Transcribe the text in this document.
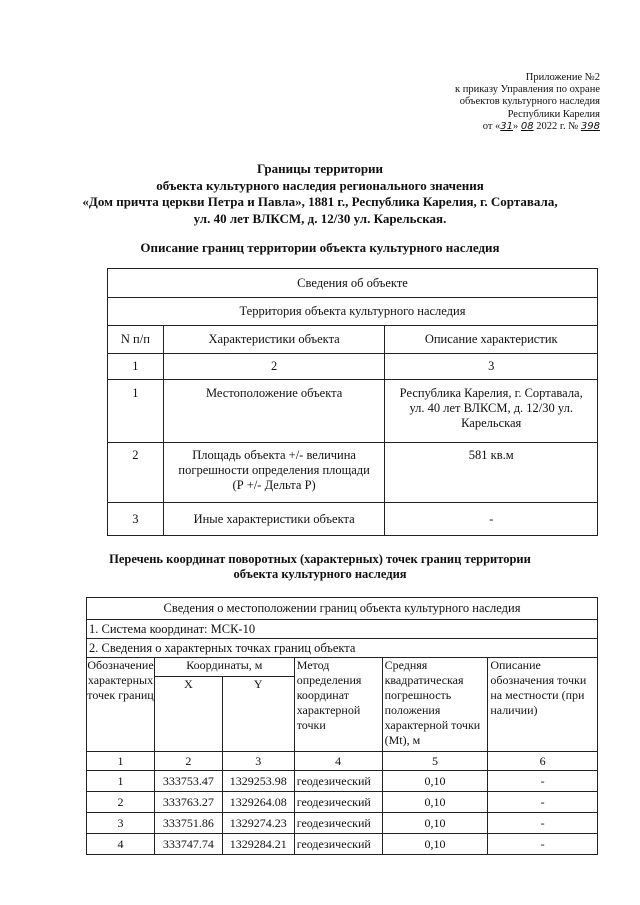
Приложение №2
к приказу Управления по охране
объектов культурного наследия
Республики Карелия
от «31» 08 2022 г. № 398
Границы территории
объекта культурного наследия регионального значения
«Дом причта церкви Петра и Павла», 1881 г., Республика Карелия, г. Сортавала,
ул. 40 лет ВЛКСМ, д. 12/30 ул. Карельская.
Описание границ территории объекта культурного наследия
Сведения об объекте		
Территория объекта культурного наследия		
N п/п	Характеристики объекта	Описание характеристик
1	2	3
1	Местоположение объекта	Республика Карелия, г. Сортавала, ул. 40 лет ВЛКСМ, д. 12/30 ул. Карельская
2	Площадь объекта +/- величина погрешности определения площади (Р +/- Дельта Р)	581 кв.м
3	Иные характеристики объекта	-
Перечень координат поворотных (характерных) точек границ территории
объекта культурного наследия
Сведения о местоположении границ объекта культурного наследия					
1. Система координат: МСК-10					
2. Сведения о характерных точках границ объекта					
Обозначение характерных точек границ	Координаты, м		Метод определения координат характерной точки	Средняя квадратическая погрешность положения характерной точки (Mt), м	Описание обозначения точки на местности (при наличии)
	X	Y			
1	2	3	4	5	6
1	333753.47	1329253.98	геодезический	0,10	-
2	333763.27	1329264.08	геодезический	0,10	-
3	333751.86	1329274.23	геодезический	0,10	-
4	333747.74	1329284.21	геодезический	0,10	-
